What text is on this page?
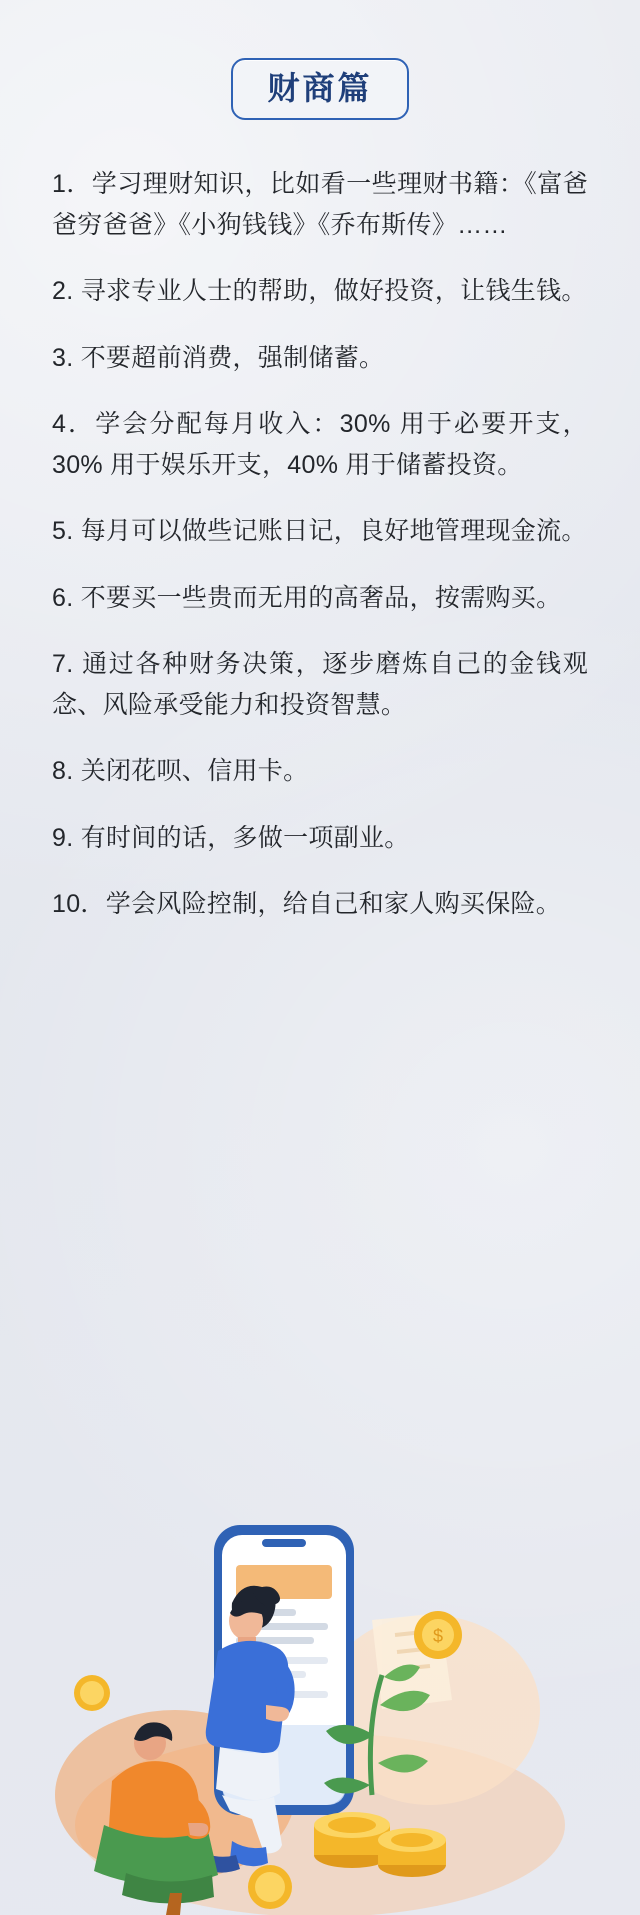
财商篇

1．学习理财知识，比如看一些理财书籍：《富爸爸穷爸爸》《小狗钱钱》《乔布斯传》……

2. 寻求专业人士的帮助，做好投资，让钱生钱。

3. 不要超前消费，强制储蓄。

4．学会分配每月收入：30% 用于必要开支，30% 用于娱乐开支，40% 用于储蓄投资。

5. 每月可以做些记账日记，良好地管理现金流。

6. 不要买一些贵而无用的高奢品，按需购买。

7. 通过各种财务决策，逐步磨炼自己的金钱观念、风险承受能力和投资智慧。

8. 关闭花呗、信用卡。

9. 有时间的话，多做一项副业。

10．学会风险控制，给自己和家人购买保险。

$
